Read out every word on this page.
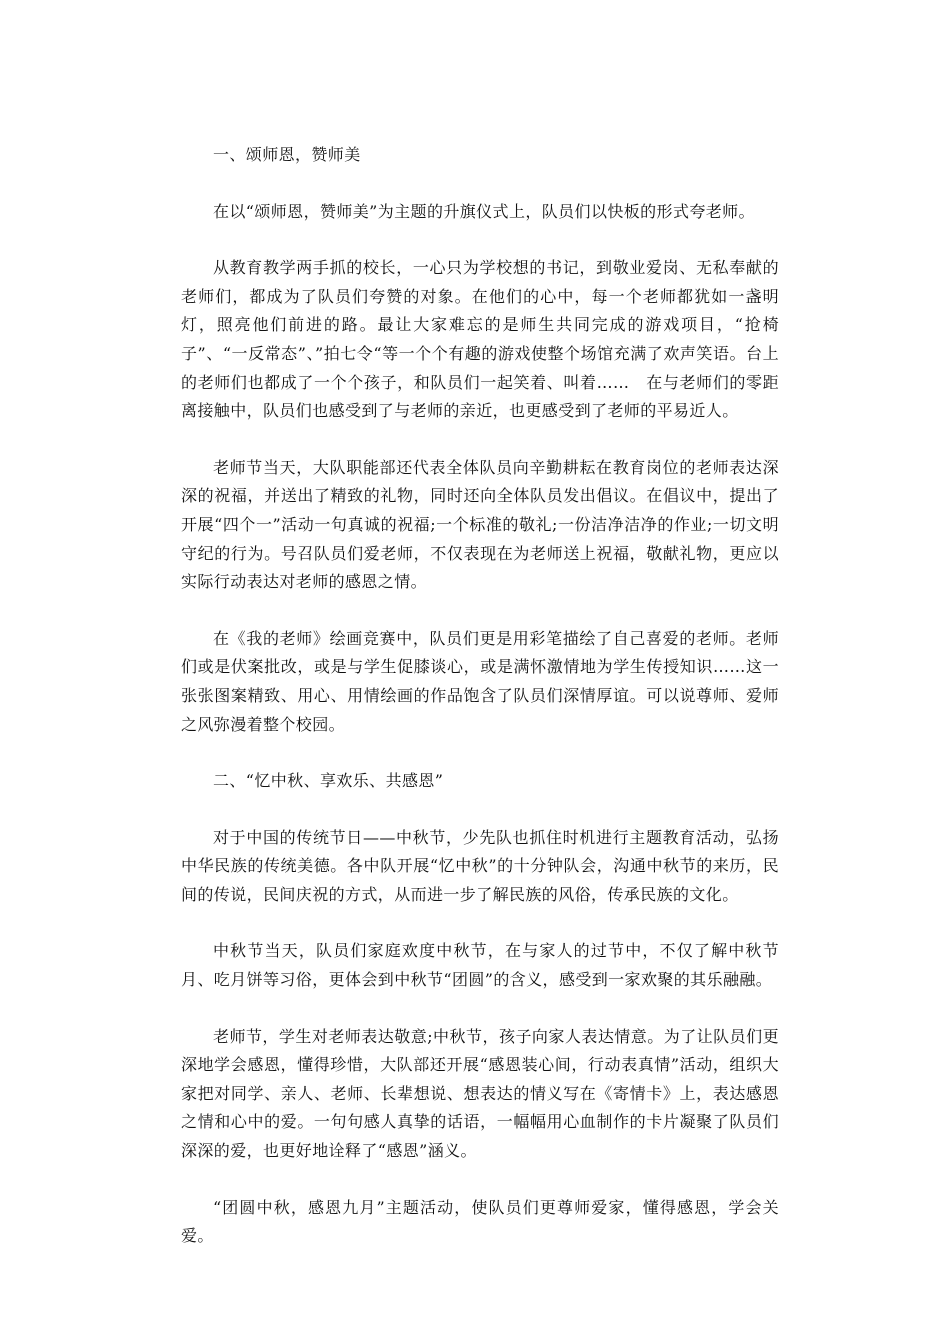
一、颂师恩，赞师美

在以“颂师恩，赞师美”为主题的升旗仪式上，队员们以快板的形式夸老师。

从教育教学两手抓的校长，一心只为学校想的书记，到敬业爱岗、无私奉献的老师们，都成为了队员们夸赞的对象。在他们的心中，每一个老师都犹如一盏明灯，照亮他们前进的路。最让大家难忘的是师生共同完成的游戏项目，“抢椅子”、“一反常态”、”拍七令“等一个个有趣的游戏使整个场馆充满了欢声笑语。台上的老师们也都成了一个个孩子，和队员们一起笑着、叫着……　在与老师们的零距离接触中，队员们也感受到了与老师的亲近，也更感受到了老师的平易近人。

老师节当天，大队职能部还代表全体队员向辛勤耕耘在教育岗位的老师表达深深的祝福，并送出了精致的礼物，同时还向全体队员发出倡议。在倡议中，提出了开展“四个一”活动一句真诚的祝福;一个标准的敬礼;一份洁净洁净的作业;一切文明守纪的行为。号召队员们爱老师，不仅表现在为老师送上祝福，敬献礼物，更应以实际行动表达对老师的感恩之情。

在《我的老师》绘画竞赛中，队员们更是用彩笔描绘了自己喜爱的老师。老师们或是伏案批改，或是与学生促膝谈心，或是满怀激情地为学生传授知识……这一张张图案精致、用心、用情绘画的作品饱含了队员们深情厚谊。可以说尊师、爱师之风弥漫着整个校园。

二、“忆中秋、享欢乐、共感恩”

对于中国的传统节日——中秋节，少先队也抓住时机进行主题教育活动，弘扬中华民族的传统美德。各中队开展“忆中秋”的十分钟队会，沟通中秋节的来历，民间的传说，民间庆祝的方式，从而进一步了解民族的风俗，传承民族的文化。

中秋节当天，队员们家庭欢度中秋节，在与家人的过节中，不仅了解中秋节月、吃月饼等习俗，更体会到中秋节“团圆”的含义，感受到一家欢聚的其乐融融。

老师节，学生对老师表达敬意;中秋节，孩子向家人表达情意。为了让队员们更深地学会感恩，懂得珍惜，大队部还开展“感恩装心间，行动表真情”活动，组织大家把对同学、亲人、老师、长辈想说、想表达的情义写在《寄情卡》上，表达感恩之情和心中的爱。一句句感人真挚的话语，一幅幅用心血制作的卡片凝聚了队员们深深的爱，也更好地诠释了“感恩”涵义。

“团圆中秋，感恩九月”主题活动，使队员们更尊师爱家，懂得感恩，学会关爱。
